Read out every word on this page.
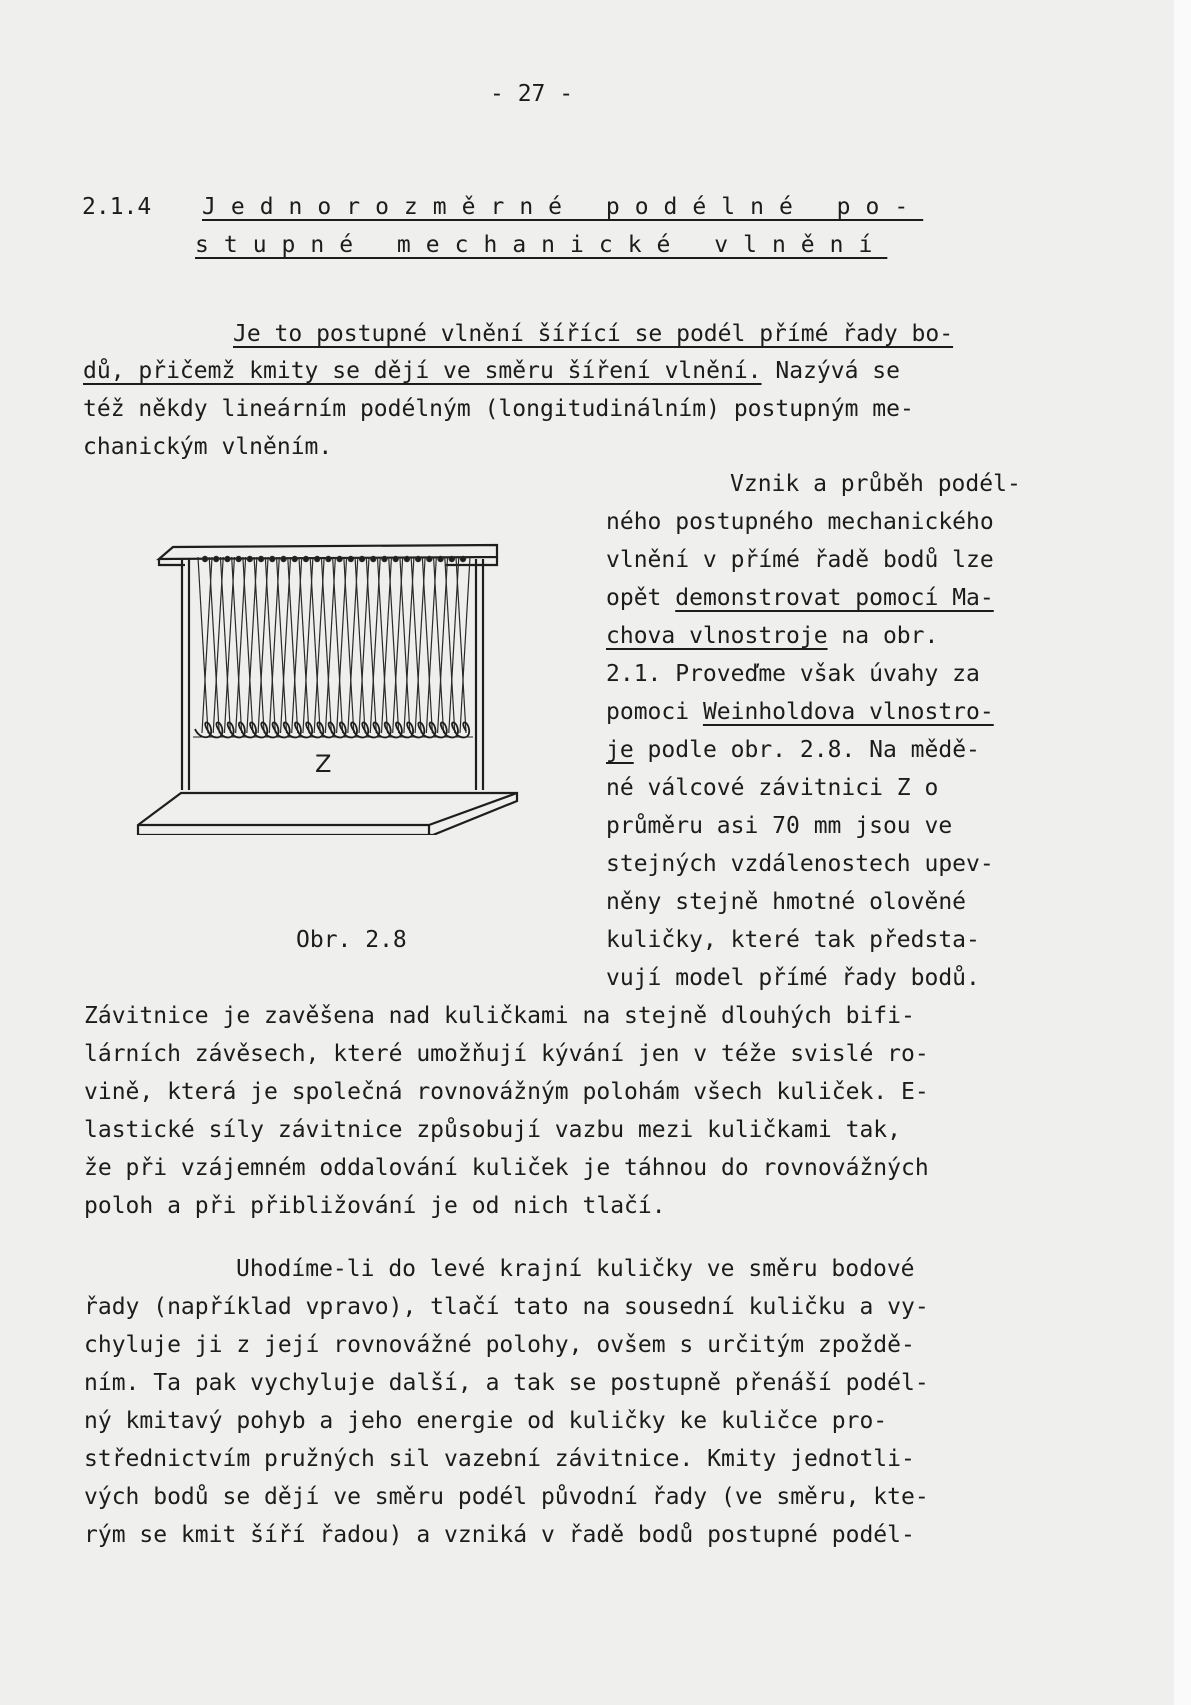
- 27 -
2.1.4 Jednorozměrné podélné po-
stupné mechanické vlnění
Je to postupné vlnění šířící se podél přímé řady bo-
dů, přičemž kmity se dějí ve směru šíření vlnění. Nazývá se
též někdy lineárním podélným (longitudinálním) postupným me-
chanickým vlněním.
Z
Obr. 2.8
Vznik a průběh podél-
ného postupného mechanického
vlnění v přímé řadě bodů lze
opět demonstrovat pomocí Ma-
chova vlnostroje na obr.
2.1. Proveďme však úvahy za
pomoci Weinholdova vlnostro-
je podle obr. 2.8. Na mědě-
né válcové závitnici Z o
průměru asi 70 mm jsou ve
stejných vzdálenostech upev-
něny stejně hmotné olověné
kuličky, které tak předsta-
vují model přímé řady bodů.
Závitnice je zavěšena nad kuličkami na stejně dlouhých bifi-
lárních závěsech, které umožňují kývání jen v téže svislé ro-
vině, která je společná rovnovážným polohám všech kuliček. E-
lastické síly závitnice způsobují vazbu mezi kuličkami tak,
že při vzájemném oddalování kuliček je táhnou do rovnovážných
poloh a při přibližování je od nich tlačí.
Uhodíme-li do levé krajní kuličky ve směru bodové
řady (například vpravo), tlačí tato na sousední kuličku a vy-
chyluje ji z její rovnovážné polohy, ovšem s určitým zpoždě-
ním. Ta pak vychyluje další, a tak se postupně přenáší podél-
ný kmitavý pohyb a jeho energie od kuličky ke kuličce pro-
střednictvím pružných sil vazební závitnice. Kmity jednotli-
vých bodů se dějí ve směru podél původní řady (ve směru, kte-
rým se kmit šíří řadou) a vzniká v řadě bodů postupné podél-
